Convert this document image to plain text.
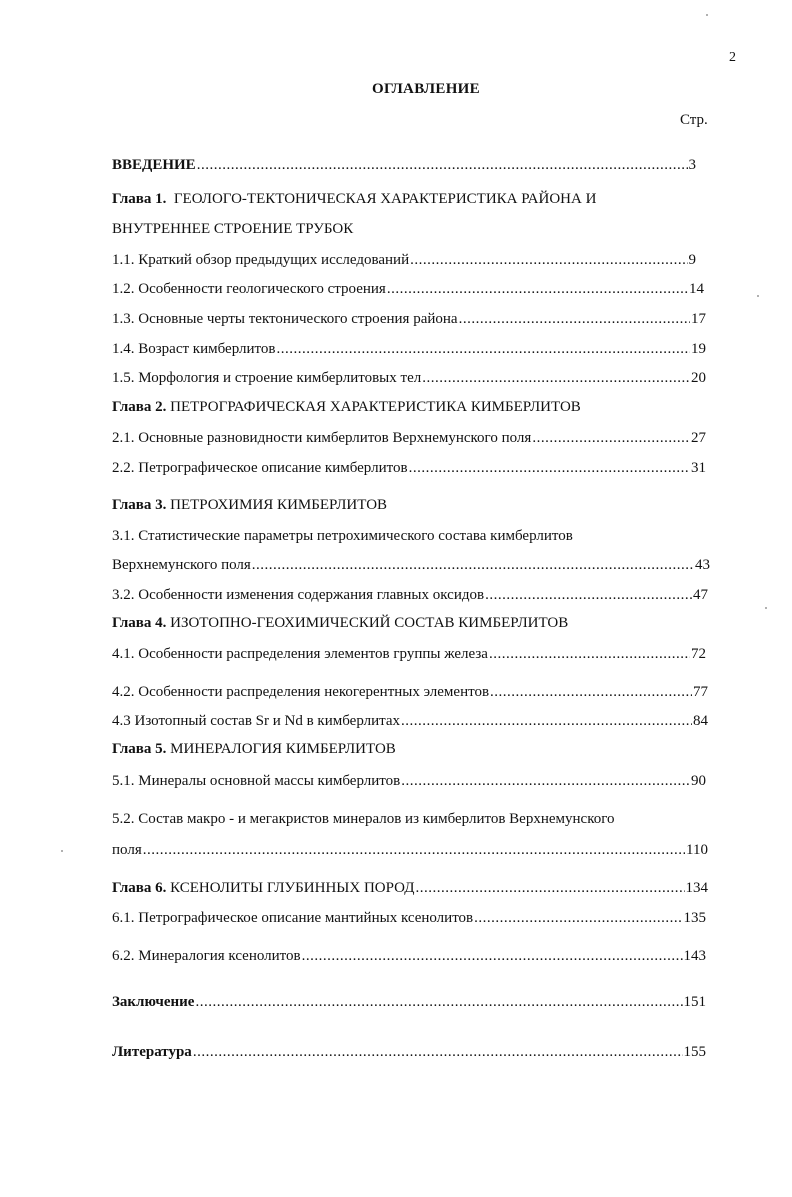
2
ОГЛАВЛЕНИЕ
Стр.
ВВЕДЕНИЕ .....	3
Глава 1. ГЕОЛОГО-ТЕКТОНИЧЕСКАЯ ХАРАКТЕРИСТИКА РАЙОНА И
ВНУТРЕННЕЕ СТРОЕНИЕ ТРУБОК
1.1. Краткий обзор предыдущих исследований .....	9
1.2. Особенности геологического строения .....	14
1.3. Основные черты тектонического строения района .....	17
1.4. Возраст кимберлитов .....	19
1.5. Морфология и строение кимберлитовых тел .....	20
Глава 2. ПЕТРОГРАФИЧЕСКАЯ ХАРАКТЕРИСТИКА КИМБЕРЛИТОВ
2.1. Основные разновидности кимберлитов Верхнемунского поля .....	27
2.2. Петрографическое описание кимберлитов .....	31
Глава 3. ПЕТРОХИМИЯ КИМБЕРЛИТОВ
3.1. Статистические параметры петрохимического состава кимберлитов
Верхнемунского поля .....	43
3.2. Особенности изменения содержания главных оксидов .....	47
Глава 4. ИЗОТОПНО-ГЕОХИМИЧЕСКИЙ СОСТАВ КИМБЕРЛИТОВ
4.1. Особенности распределения элементов группы железа .....	72
4.2. Особенности распределения некогерентных элементов .....	77
4.3 Изотопный состав Sr и Nd в кимберлитах .....	84
Глава 5. МИНЕРАЛОГИЯ КИМБЕРЛИТОВ
5.1. Минералы основной массы кимберлитов .....	90
5.2. Состав макро - и мегакристов минералов из кимберлитов Верхнемунского
поля .....	110
Глава 6. КСЕНОЛИТЫ ГЛУБИННЫХ ПОРОД .....	134
6.1. Петрографическое описание мантийных ксенолитов .....	135
6.2. Минералогия ксенолитов .....	143
Заключение .....	151
Литература .....	155
